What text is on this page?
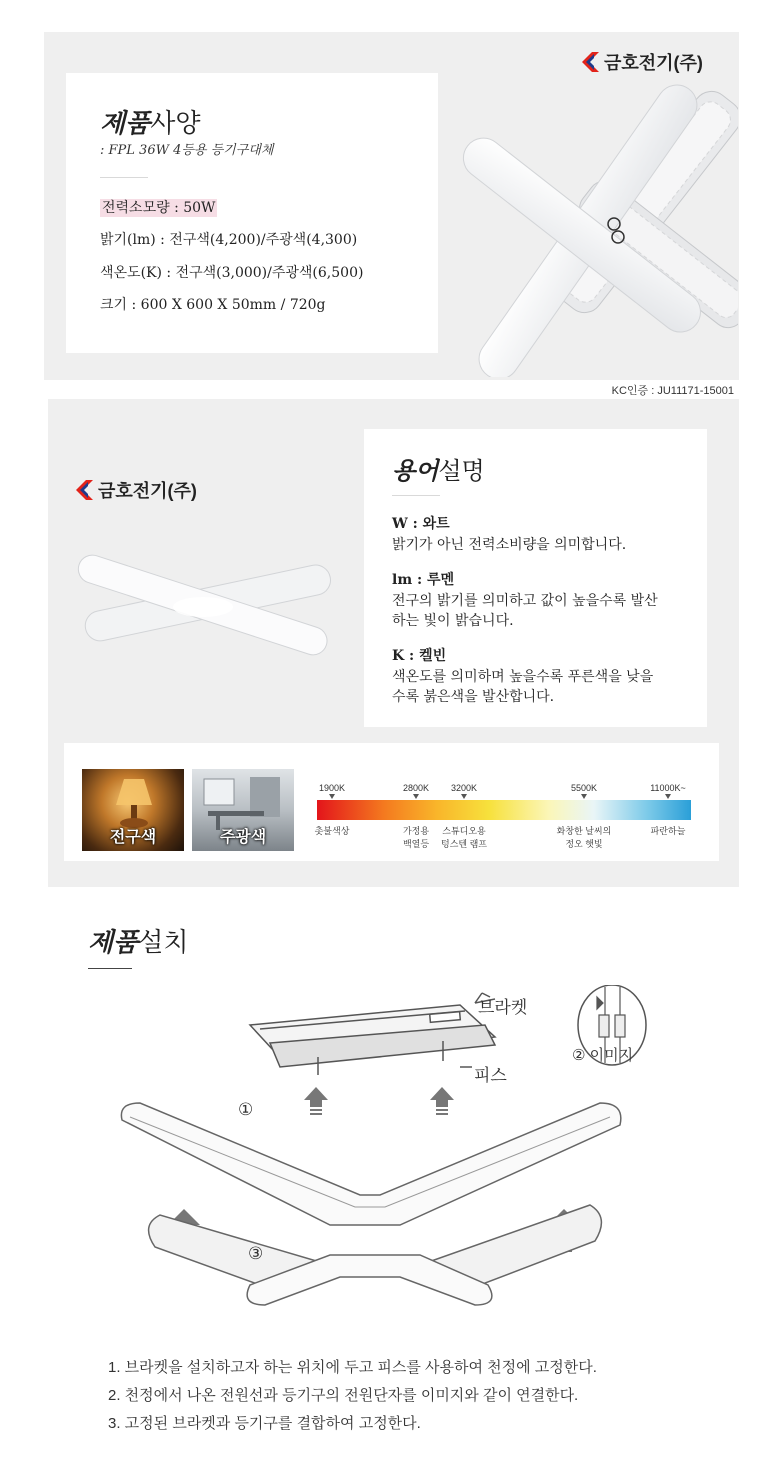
제품사양
: FPL 36W 4등용 등기구대체
전력소모량 : 50W
밝기(lm) : 전구색(4,200)/주광색(4,300)
색온도(K) : 전구색(3,000)/주광색(6,500)
크기 : 600 X 600 X 50mm / 720g
금호전기(주)
KC인증 : JU11171-15001
금호전기(주)
용어설명
W : 와트
밝기가 아닌 전력소비량을 의미합니다.
lm : 루멘
전구의 밝기를 의미하고 값이 높을수록 발산하는 빛이 밝습니다.
K : 켈빈
색온도를 의미하며 높을수록 푸른색을 낮을수록 붉은색을 발산합니다.
전구색	주광색
1900K
촛불색상
2800K
가정용
백열등
3200K
스튜디오용
텅스텐 램프
5500K
화창한 날씨의
정오 햇빛
11000K~
파란하늘
제품설치
브라켓
피스
② 이미지
①
③
1. 브라켓을 설치하고자 하는 위치에 두고 피스를 사용하여 천정에 고정한다.
2. 천정에서 나온 전원선과 등기구의 전원단자를 이미지와 같이 연결한다.
3. 고정된 브라켓과 등기구를 결합하여 고정한다.
